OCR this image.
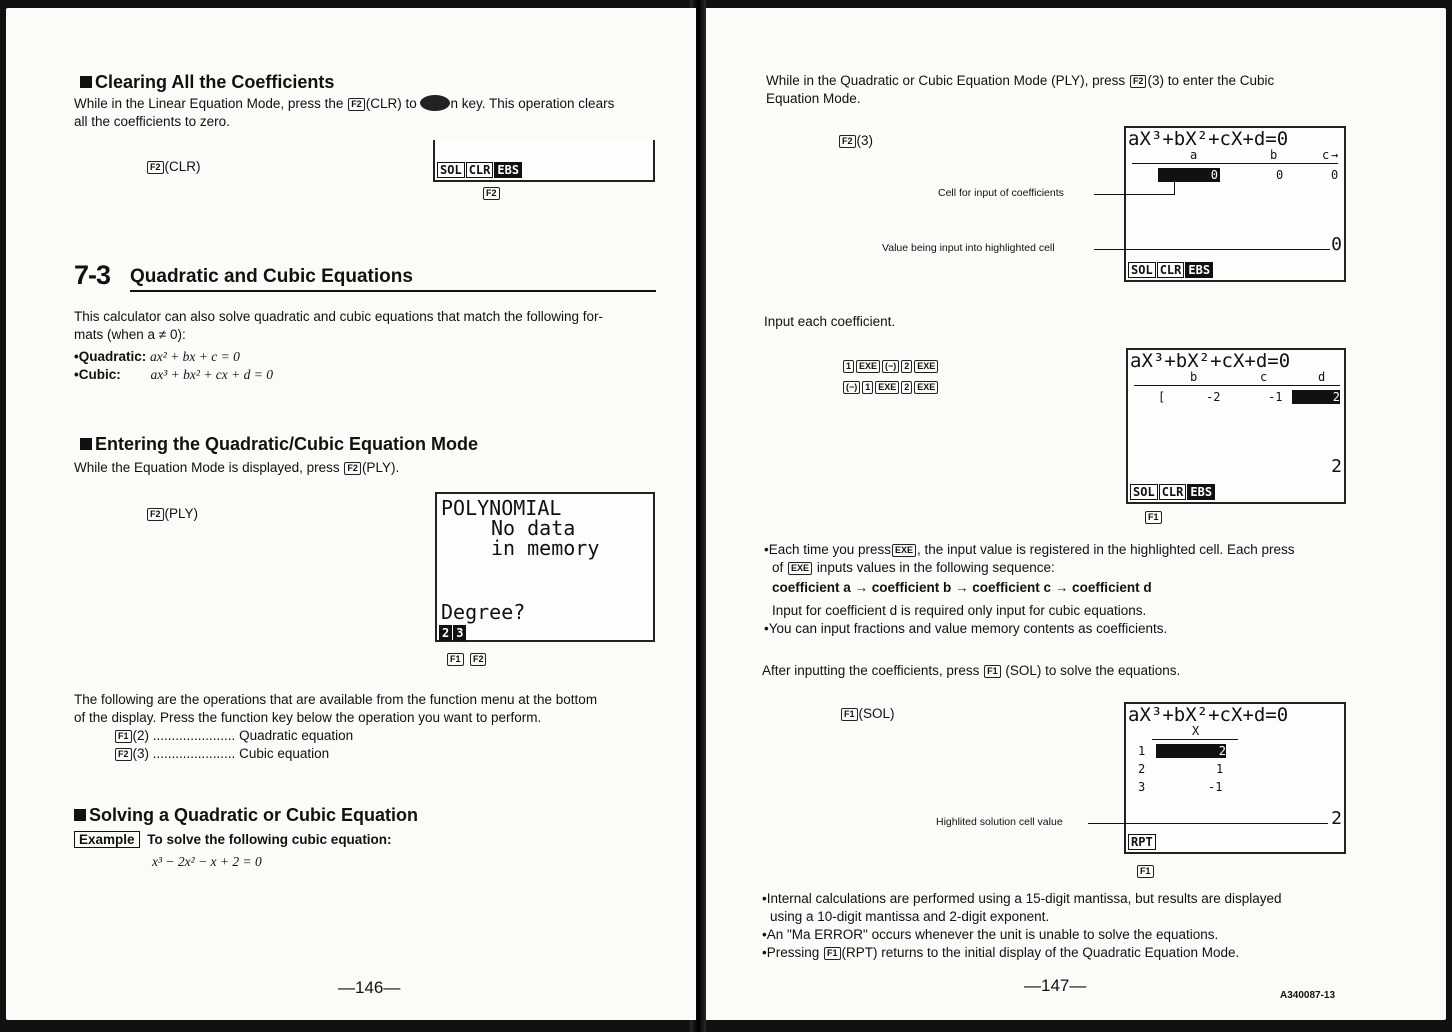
Clearing All the Coefficients
While in the Linear Equation Mode, press the F2 (CLR) to	n key. This operation clears
all the coefficients to zero.
F2 (CLR)	SOL CLR EBS
F2
7-3 Quadratic and Cubic Equations
This calculator can also solve quadratic and cubic equations that match the following for-
mats (when a ≠ 0):
•Quadratic: ax² + bx + c = 0
•Cubic: ax³ + bx² + cx + d = 0
Entering the Quadratic/Cubic Equation Mode
While the Equation Mode is displayed, press F2 (PLY).
F2 (PLY)	POLYNOMIAL
No data
in memory
Degree?
2 3
F1 F2
The following are the operations that are available from the function menu at the bottom
of the display. Press the function key below the operation you want to perform.
F1 (2) ...................... Quadratic equation
F2 (3) ...................... Cubic equation
Solving a Quadratic or Cubic Equation
Example To solve the following cubic equation:
x³ − 2x² − x + 2 = 0
—146—
While in the Quadratic or Cubic Equation Mode (PLY), press F2 (3) to enter the Cubic
Equation Mode.
F2 (3)	aX³+bX²+cX+d=0
a	b	c →
0	0	0
0
SOL CLR EBS
Cell for input of coefficients
Value being input into highlighted cell
Input each coefficient.
1 EXE (−) 2 EXE
(−) 1 EXE 2 EXE
aX³+bX²+cX+d=0
b	c	d
[	-2	-1	2
2
SOL CLR EBS
F1
•Each time you press EXE , the input value is registered in the highlighted cell. Each press
of EXE inputs values in the following sequence:
coefficient a → coefficient b → coefficient c → coefficient d
Input for coefficient d is required only input for cubic equations.
•You can input fractions and value memory contents as coefficients.
After inputting the coefficients, press F1 (SOL) to solve the equations.
F1 (SOL)	aX³+bX²+cX+d=0
X
1	2
2	1
3	-1
2
RPT
Highlited solution cell value
F1
•Internal calculations are performed using a 15-digit mantissa, but results are displayed
using a 10-digit mantissa and 2-digit exponent.
•An "Ma ERROR" occurs whenever the unit is unable to solve the equations.
•Pressing F1 (RPT) returns to the initial display of the Quadratic Equation Mode.
—147—
A340087-13
